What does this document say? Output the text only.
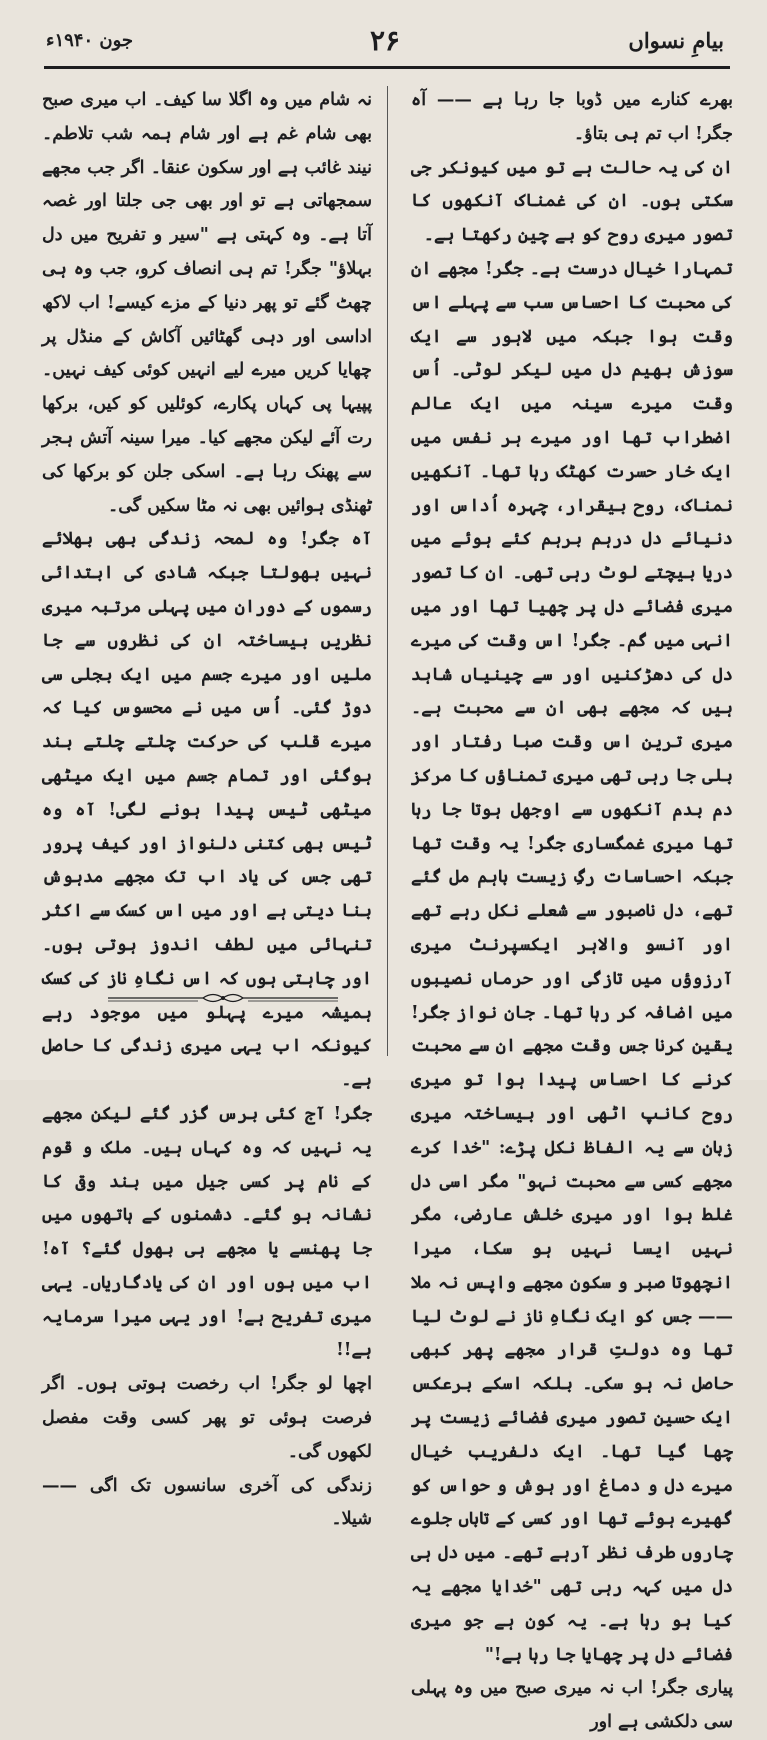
بیامِ نسواں
۲۶
جون ۱۹۴۰ء

بھرے کنارے میں ڈوبا جا رہا ہے —— آہ جگر! اب تم ہی بتاؤ۔

ان کی یہ حالت ہے تو میں کیونکر جی سکتی ہوں۔ ان کی غمناک آنکھوں کا تصور میری روح کو بے چین رکھتا ہے۔

تمہارا خیال درست ہے۔ جگر! مجھے ان کی محبت کا احساس سب سے پہلے اس وقت ہوا جبکہ میں لاہور سے ایک سوزش بھیم دل میں لیکر لوٹی۔ اُس وقت میرے سینہ میں ایک عالم اضطراب تھا اور میرے ہر نفس میں ایک خار حسرت کھٹک رہا تھا۔ آنکھیں نمناک، روح بیقرار، چہرہ اُداس اور دنیائے دل درہم برہم کئے ہوئے میں دریا بیچتے لوٹ رہی تھی۔ ان کا تصور میری فضائے دل پر چھیا تھا اور میں انہی میں گم۔ جگر! اس وقت کی میرے دل کی دھڑکنیں اور سے چینیاں شاہد ہیں کہ مجھے بھی ان سے محبت ہے۔ میری ترین اس وقت صبا رفتار اور بلی جا رہی تھی میری تمناؤں کا مرکز دم بدم آنکھوں سے اوجھل ہوتا جا رہا تھا میری غمگساری جگر! یہ وقت تھا جبکہ احساسات رگِ زیست باہم مل گئے تھے، دل ناصبور سے شعلے نکل رہے تھے اور آنسو والاہر ایکسپرنٹ میری آرزوؤں میں تازگی اور حرماں نصیبوں میں اضافہ کر رہا تھا۔ جان نواز جگر! یقین کرنا جس وقت مجھے ان سے محبت کرنے کا احساس پیدا ہوا تو میری روح کانپ اٹھی اور بیساختہ میری زبان سے یہ الفاظ نکل پڑے: "خدا کرے مجھے کسی سے محبت نہو" مگر اسی دل غلط ہوا اور میری خلش عارضی، مگر نہیں ایسا نہیں ہو سکا، میرا انچھوتا صبر و سکون مجھے واپس نہ ملا —— جس کو ایک نگاہِ ناز نے لوٹ لیا تھا وہ دولتِ قرار مجھے پھر کبھی حاصل نہ ہو سکی۔ بلکہ اسکے برعکس ایک حسین تصور میری فضائے زیست پر چھا گیا تھا۔ ایک دلفریب خیال میرے دل و دماغ اور ہوش و حواس کو گھیرے ہوئے تھا اور کسی کے تاباں جلوے چاروں طرف نظر آرہے تھے۔ میں دل ہی دل میں کہہ رہی تھی "خدایا مجھے یہ کیا ہو رہا ہے۔ یہ کون ہے جو میری فضائے دل پر چھایا جا رہا ہے!"

پیاری جگر! اب نہ میری صبح میں وہ پہلی سی دلکشی ہے اور

نہ شام میں وہ اگلا سا کیف۔ اب میری صبح بھی شام غم ہے اور شام ہمہ شب تلاطم۔ نیند غائب ہے اور سکون عنقا۔ اگر جب مجھے سمجھاتی ہے تو اور بھی جی جلتا اور غصہ آتا ہے۔ وہ کہتی ہے "سیر و تفریح میں دل بہلاؤ" جگر! تم ہی انصاف کرو، جب وہ ہی چھٹ گئے تو پھر دنیا کے مزے کیسے! اب لاکھ اداسی اور دہی گھٹائیں آکاش کے منڈل پر چھایا کریں میرے لیے انہیں کوئی کیف نہیں۔ پپیہا پی کہاں پکارے، کوئلیں کو کیں، برکھا رت آئے لیکن مجھے کیا۔ میرا سینہ آتش ہجر سے پھنک رہا ہے۔ اسکی جلن کو برکھا کی ٹھنڈی ہوائیں بھی نہ مٹا سکیں گی۔

آہ جگر! وہ لمحہ زندگی بھی بھلائے نہیں بھولتا جبکہ شادی کی ابتدائی رسموں کے دوران میں پہلی مرتبہ میری نظریں بیساختہ ان کی نظروں سے جا ملیں اور میرے جسم میں ایک بجلی سی دوڑ گئی۔ اُس میں نے محسوس کیا کہ میرے قلب کی حرکت چلتے چلتے بند ہوگئی اور تمام جسم میں ایک میٹھی میٹھی ٹیس پیدا ہونے لگی! آہ وہ ٹیس بھی کتنی دلنواز اور کیف پرور تھی جس کی یاد اب تک مجھے مدہوش بنا دیتی ہے اور میں اس کسک سے اکثر تنہائی میں لطف اندوز ہوتی ہوں۔ اور چاہتی ہوں کہ اس نگاہِ ناز کی کسک ہمیشہ میرے پہلو میں موجود رہے کیونکہ اب یہی میری زندگی کا حاصل ہے۔

جگر! آج کئی برس گزر گئے لیکن مجھے یہ نہیں کہ وہ کہاں ہیں۔ ملک و قوم کے نام پر کسی جیل میں بند وقی کا نشانہ ہو گئے۔ دشمنوں کے ہاتھوں میں جا پھنسے یا مجھے ہی بھول گئے؟ آہ! اب میں ہوں اور ان کی یادگاریاں۔ یہی میری تفریح ہے! اور یہی میرا سرمایہ ہے!!

اچھا لو جگر! اب رخصت ہوتی ہوں۔ اگر فرصت ہوئی تو پھر کسی وقت مفصل لکھوں گی۔

زندگی کی آخری سانسوں تک اگی —— شیلا۔
